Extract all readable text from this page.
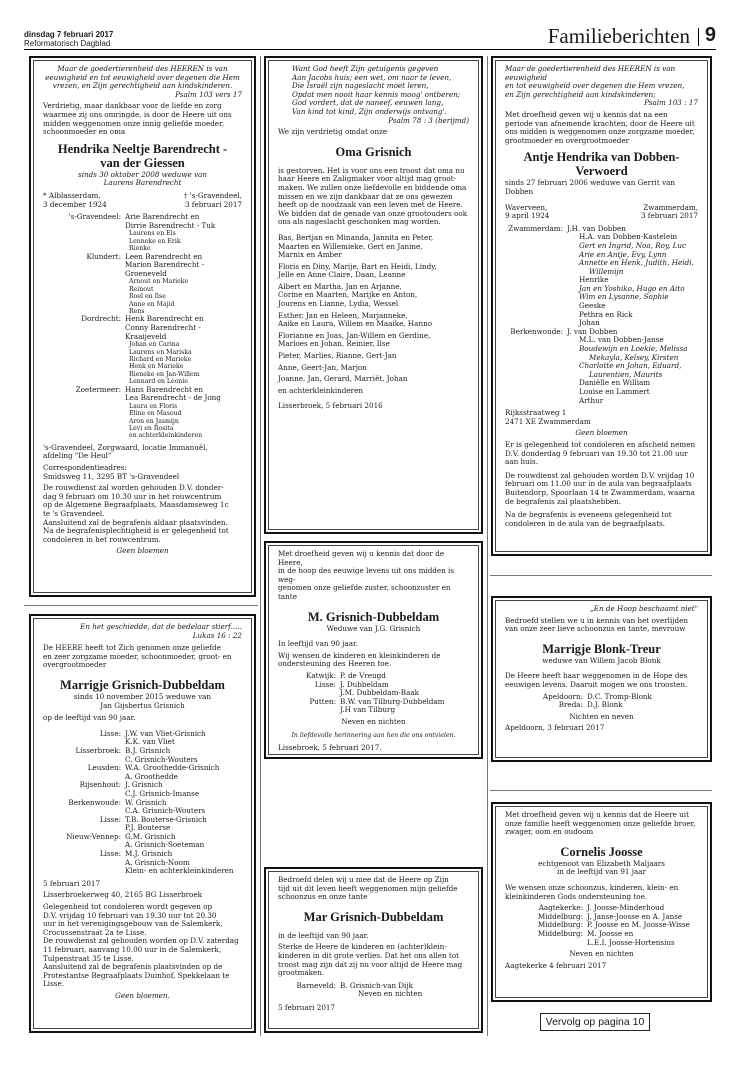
dinsdag 7 februari 2017
Reformatorisch Dagblad	Familieberichten 9
Maar de goedertierenheid des HEEREN is van
eeuwigheid en tot eeuwigheid over degenen die Hem
vrezen, en Zijn gerechtigheid aan kindskinderen.
Psalm 103 vers 17
Verdrietig, maar dankbaar voor de liefde en zorg
waarmee zij ons omringde, is door de Heere uit ons
midden weggenomen onze innig geliefde moeder,
schoonmoeder en oma
Hendrika Neeltje Barendrecht -
van der Giessen
sinds 30 oktober 2008 weduwe van
Laurens Barendrecht
* Alblasserdam,
3 december 1924
† 's-Gravendeel,
3 februari 2017
's-Gravendeel: Arie Barendrecht en
Dirrie Barendrecht - Tuk
Laurens en Els
Lenneke en Erik
Rienke
Klundert: Leen Barendrecht en
Marion Barendrecht - Groeneveld
Arnout en Marieke
Reinout
Roel en Ilse
Anne en Majid
Rens
Dordrecht: Henk Barendrecht en
Conny Barendrecht - Kraaijeveld
Johan en Carina
Laurens en Mariska
Richard en Marieke
Henk en Marieke
Rieneke en Jan-Willem
Lennard en Leonie
Zoetermeer: Hans Barendrecht en
Lea Barendrecht - de Jong
Laura en Floris
Eline en Masoud
Aron en Jasmijn
Levi en Rosita
en achterkleinkinderen
's-Gravendeel, Zorgwaard, locatie Immanuël,
afdeling "De Heul"
Correspondentieadres:
Smidsweg 11, 3295 BT 's-Gravendeel
De rouwdienst zal worden gehouden D.V. donder-
dag 9 februari om 10.30 uur in het rouwcentrum
op de Algemene Begraafplaats, Maasdamseweg 1c
te 's Gravendeel.
Aansluitend zal de begrafenis aldaar plaatsvinden.
Na de begrafenisplechtigheid is er gelegenheid tot
condoleren in het rouwcentrum.
Geen bloemen
Want God heeft Zijn getuigenis gegeven
Aan Jacobs huis; een wet, om naar te leven,
Die Israël zijn nageslacht moet leren,
Opdat men nooit haar kennis moog' ontberen;
God vordert, dat de naneef, eeuwen lang,
Van kind tot kind, Zijn onderwijs ontvang'.
Psalm 78 : 3 (berijmd)
We zijn verdrietig omdat onze
Oma Grisnich
is gestorven. Het is voor ons een troost dat oma nu
haar Heere en Zaligmaker voor altijd mag groot-
maken. We zullen onze liefdevolle en biddende oma
missen en we zijn dankbaar dat ze ons gewezen
heeft op de noodzaak van een leven met de Heere.
We bidden dat de genade van onze grootouders ook
ons als nageslacht geschonken mag worden.
Bas, Bertjan en Minanda, Jannita en Peter,
Maarten en Willemieke, Gert en Janine,
Marnix en Amber
Floris en Diny, Marije, Bart en Heidi, Lindy,
Jelle en Anne Claire, Daan, Leanne
Albert en Martha, Jan en Arjanne,
Corine en Maarten, Marijke en Anton,
Jourens en Lianne, Lydia, Wessel
Esther, Jan en Heleen, Marjanneke,
Aaike en Laura, Willem en Maaike, Hanno
Florianne en Joas, Jan-Willem en Gerdine,
Marloes en Johan, Reinier, Ilse
Pieter, Marlies, Rianne, Gert-Jan
Anne, Geert-Jan, Marjon
Joanne, Jan, Gerard, Marriët, Johan
en achterkleinkinderen
Lisserbroek, 5 februari 2016
Maar de goedertierenheid des HEEREN is van eeuwigheid
en tot eeuwigheid over degenen die Hem vrezen,
en Zijn gerechtigheid aan kindskinderen;
Psalm 103 : 17
Met droefheid geven wij u kennis dat na een
periode van afnemende krachten, door de Heere uit
ons midden is weggenomen onze zorgzame moeder,
grootmoeder en overgrootmoeder
Antje Hendrika van Dobben-
Verwoerd
sinds 27 februari 2006 weduwe van Gerrit van Dobben
Waverveen,
9 april 1924
Zwammerdam,
3 februari 2017
Zwammerdam: J.H. van Dobben
H.A. van Dobben-Kastelein
Gert en Ingrid, Noa, Roy, Luc
Arie en Antje, Evy, Lynn
Annette en Henk, Judith, Heidi,
Willemijn
Henrike
Jan en Yoshiko, Hugo en Aito
Wim en Lysanne, Sophie
Geeske
Pethra en Rick
Johan
Berkenwoude: J. van Dobben
M.L. van Dobben-Janse
Boudewijn en Loekie, Melissa
Mekayla, Kelsey, Kirsten
Charlotte en Johan, Eduard,
Laurentien, Maurits
Daniëlle en William
Louise en Lammert
Arthur
Rijksstraatweg 1
2471 XE Zwammerdam
Geen bloemen
Er is gelegenheid tot condoleren en afscheid nemen
D.V. donderdag 9 februari van 19.30 tot 21.00 uur
aan huis.
De rouwdienst zal gehouden worden D.V. vrijdag 10
februari om 11.00 uur in de aula van begraafplaats
Buitendorp, Spoorlaan 14 te Zwammerdam, waarna
de begrafenis zal plaatshebben.
Na de begrafenis is eveneens gelegenheid tot
condoleren in de aula van de begraafplaats.
En het geschiedde, dat de bedelaar stierf.....
Lukas 16 : 22
De HEERE heeft tot Zich genomen onze geliefde
en zeer zorgzame moeder, schoonmoeder, groot- en
overgrootmoeder
Marrigje Grisnich-Dubbeldam
sinds 10 november 2015 weduwe van
Jan Gijsbertus Grisnich
op de leeftijd van 90 jaar.
Lisse: J.W. van Vliet-Grisnich
K.K. van Vliet
Lisserbroek: B.J. Grisnich
C. Grisnich-Wouters
Leusden: W.A. Groothedde-Grisnich
A. Groothedde
Rijsenhout: J. Grisnich
C.J. Grisnich-Imanse
Berkenwoude: W. Grisnich
C.A. Grisnich-Wouters
Lisse: T.B. Bouterse-Grisnich
P.J. Bouterse
Nieuw-Vennep: G.M. Grisnich
A. Grisnich-Soeteman
Lisse: M.J. Grisnich
A. Grisnich-Noom
Klein- en achterkleinkinderen
5 februari 2017
Lisserbroekerweg 40, 2165 BG Lisserbroek
Gelegenheid tot condoleren wordt gegeven op
D.V. vrijdag 10 februari van 19.30 uur tot 20.30
uur in het verenigingsgebouw van de Salemkerk,
Crocussenstraat 2a te Lisse.
De rouwdienst zal gehouden worden op D.V. zaterdag
11 februari, aanvang 10.00 uur in de Salemkerk,
Tulpenstraat 35 te Lisse.
Aansluitend zal de begrafenis plaatsvinden op de
Protestantse Begraafplaats Duinhof, Spekkelaan te
Lisse.
Geen bloemen.
Met droefheid geven wij u kennis dat door de Heere,
in de hoop des eeuwige levens uit ons midden is weg-
genomen onze geliefde zuster, schoonzuster en tante
M. Grisnich-Dubbeldam
Weduwe van J.G. Grisnich
In leeftijd van 90 jaar.
Wij wensen de kinderen en kleinkinderen de
ondersteuning des Heeren toe.
Katwijk: P. de Vreugd
Lisse: J. Dubbeldam
J.M. Dubbeldam-Baak
Putten: B.W. van Tilburg-Dubbeldam
J.H van Tilburg
Neven en nichten
In liefdevolle herinnering aan hen die ons ontvielen.
Lissebroek, 5 februari 2017.
Bedroefd delen wij u mee dat de Heere op Zijn
tijd uit dit leven heeft weggenomen mijn geliefde
schoonzus en onze tante
Mar Grisnich-Dubbeldam
in de leeftijd van 90 jaar.
Sterke de Heere de kinderen en (achter)klein-
kinderen in dit grote verlies. Dat het ons allen tot
troost mag zijn dat zij nu voor altijd de Heere mag
grootmaken.
Barneveld: B. Grisnich-van Dijk
Neven en nichten
5 februari 2017
„En de Hoop beschaamt niet"
Bedroefd stellen we u in kennis van het overlijden
van onze zeer lieve schoonzus en tante, mevrouw
Marrigje Blonk-Treur
weduwe van Willem Jacob Blonk
De Heere heeft haar weggenomen in de Hope des
eeuwigen levens. Daaruit mogen we ons troosten.
Apeldoorn: D.C. Tromp-Blonk
Breda: D.J. Blonk
Nichten en neven
Apeldoorn, 3 februari 2017
Met droefheid geven wij u kennis dat de Heere uit
onze familie heeft weggenomen onze geliefde broer,
zwager, oom en oudoom
Cornelis Joosse
echtgenoot van Elizabeth Maljaars
in de leeftijd van 91 jaar
We wensen onze schoonzus, kinderen, klein- en
kleinkinderen Gods ondersteuning toe.
Aagtekerke: J. Joosse-Minderhoud
Middelburg: J. Janse-Joosse en A. Janse
Middelburg: P. Joosse en M. Joosse-Wisse
Middelburg: M. Joosse en
L.E.I. Joosse-Hortensius
Neven en nichten
Aagtekerke 4 februari 2017
Vervolg op pagina 10
